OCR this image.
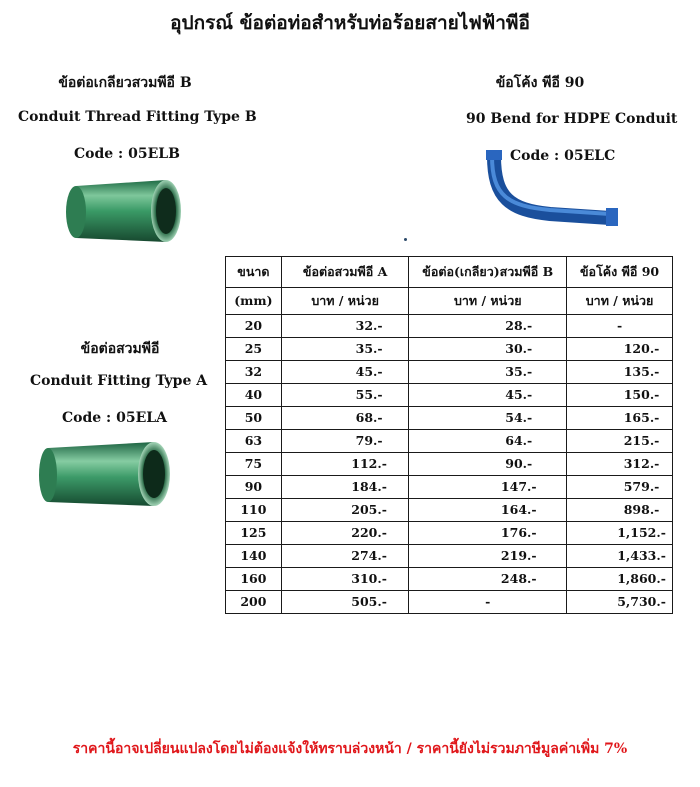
อุปกรณ์ ข้อต่อท่อสำหรับท่อร้อยสายไฟฟ้าพีอี
ข้อต่อเกลียวสวมพีอี B
Conduit Thread Fitting Type B
Code : 05ELB
ข้อโค้ง พีอี 90
90 Bend for HDPE Conduit
Code : 05ELC
ข้อต่อสวมพีอี
Conduit Fitting Type A
Code : 05ELA
ขนาด	ข้อต่อสวมพีอี A	ข้อต่อ(เกลียว)สวมพีอี B	ข้อโค้ง พีอี 90
(mm)	บาท / หน่วย	บาท / หน่วย	บาท / หน่วย
20	32.-	28.-	-
25	35.-	30.-	120.-
32	45.-	35.-	135.-
40	55.-	45.-	150.-
50	68.-	54.-	165.-
63	79.-	64.-	215.-
75	112.-	90.-	312.-
90	184.-	147.-	579.-
110	205.-	164.-	898.-
125	220.-	176.-	1,152.-
140	274.-	219.-	1,433.-
160	310.-	248.-	1,860.-
200	505.-	-	5,730.-
ราคานี้อาจเปลี่ยนแปลงโดยไม่ต้องแจ้งให้ทราบล่วงหน้า / ราคานี้ยังไม่รวมภาษีมูลค่าเพิ่ม 7%
